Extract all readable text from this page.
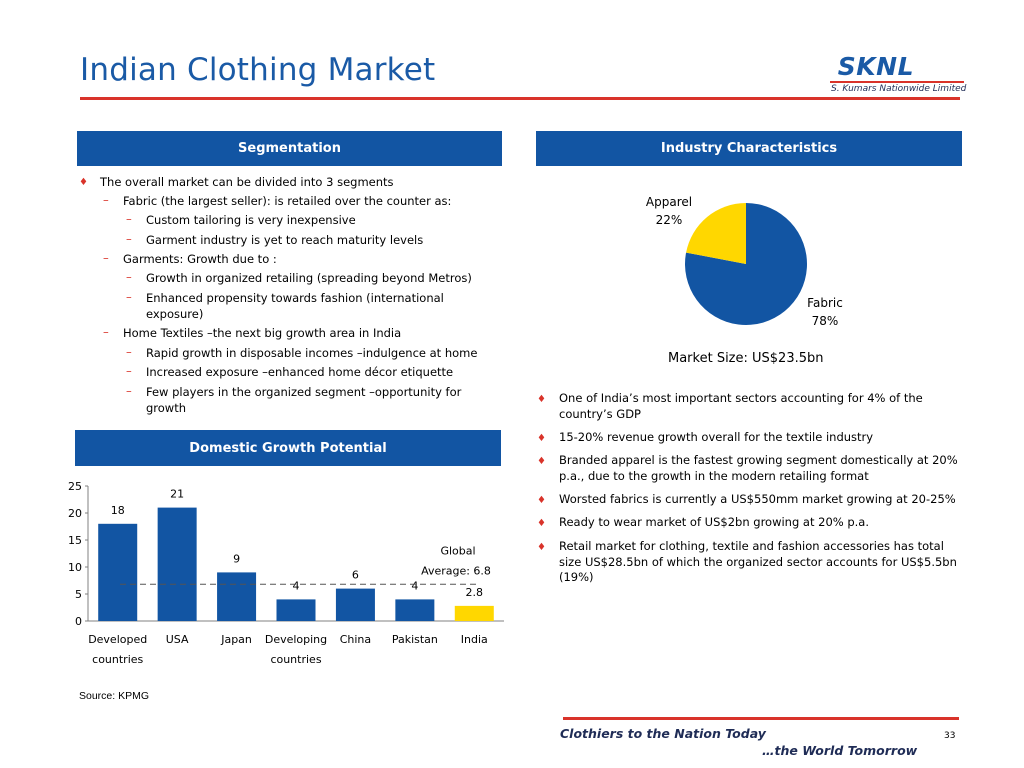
Indian Clothing Market	SKNL
S. Kumars Nationwide Limited
Segmentation	Industry Characteristics
Domestic Growth Potential
♦ The overall market can be divided into 3 segments
– Fabric (the largest seller): is retailed over the counter as:
– Custom tailoring is very inexpensive
– Garment industry is yet to reach maturity levels
– Garments: Growth due to :
– Growth in organized retailing (spreading beyond Metros)
– Enhanced propensity towards fashion (international exposure)
– Home Textiles –the next big growth area in India
– Rapid growth in disposable incomes –indulgence at home
– Increased exposure –enhanced home décor etiquette
– Few players in the organized segment –opportunity for growth
Apparel
22%
Fabric
78%
Market Size: US$23.5bn
♦ One of India’s most important sectors accounting for 4% of the country’s GDP
♦ 15-20% revenue growth overall for the textile industry
♦ Branded apparel is the fastest growing segment domestically at 20% p.a., due to the growth in the modern retailing format
♦ Worsted fabrics is currently a US$550mm market growing at 20-25%
♦ Ready to wear market of US$2bn growing at 20% p.a.
♦ Retail market for clothing, textile and fashion accessories has total size US$28.5bn of which the organized sector accounts for US$5.5bn (19%)
0
5
10
15
20
25
18
Developed
countries
21
USA
9
Japan
4
Developing
countries
6
China
4
Pakistan
2.8
India
Global
Average: 6.8
Source: KPMG
Clothiers to the Nation Today
…the World Tomorrow
33
